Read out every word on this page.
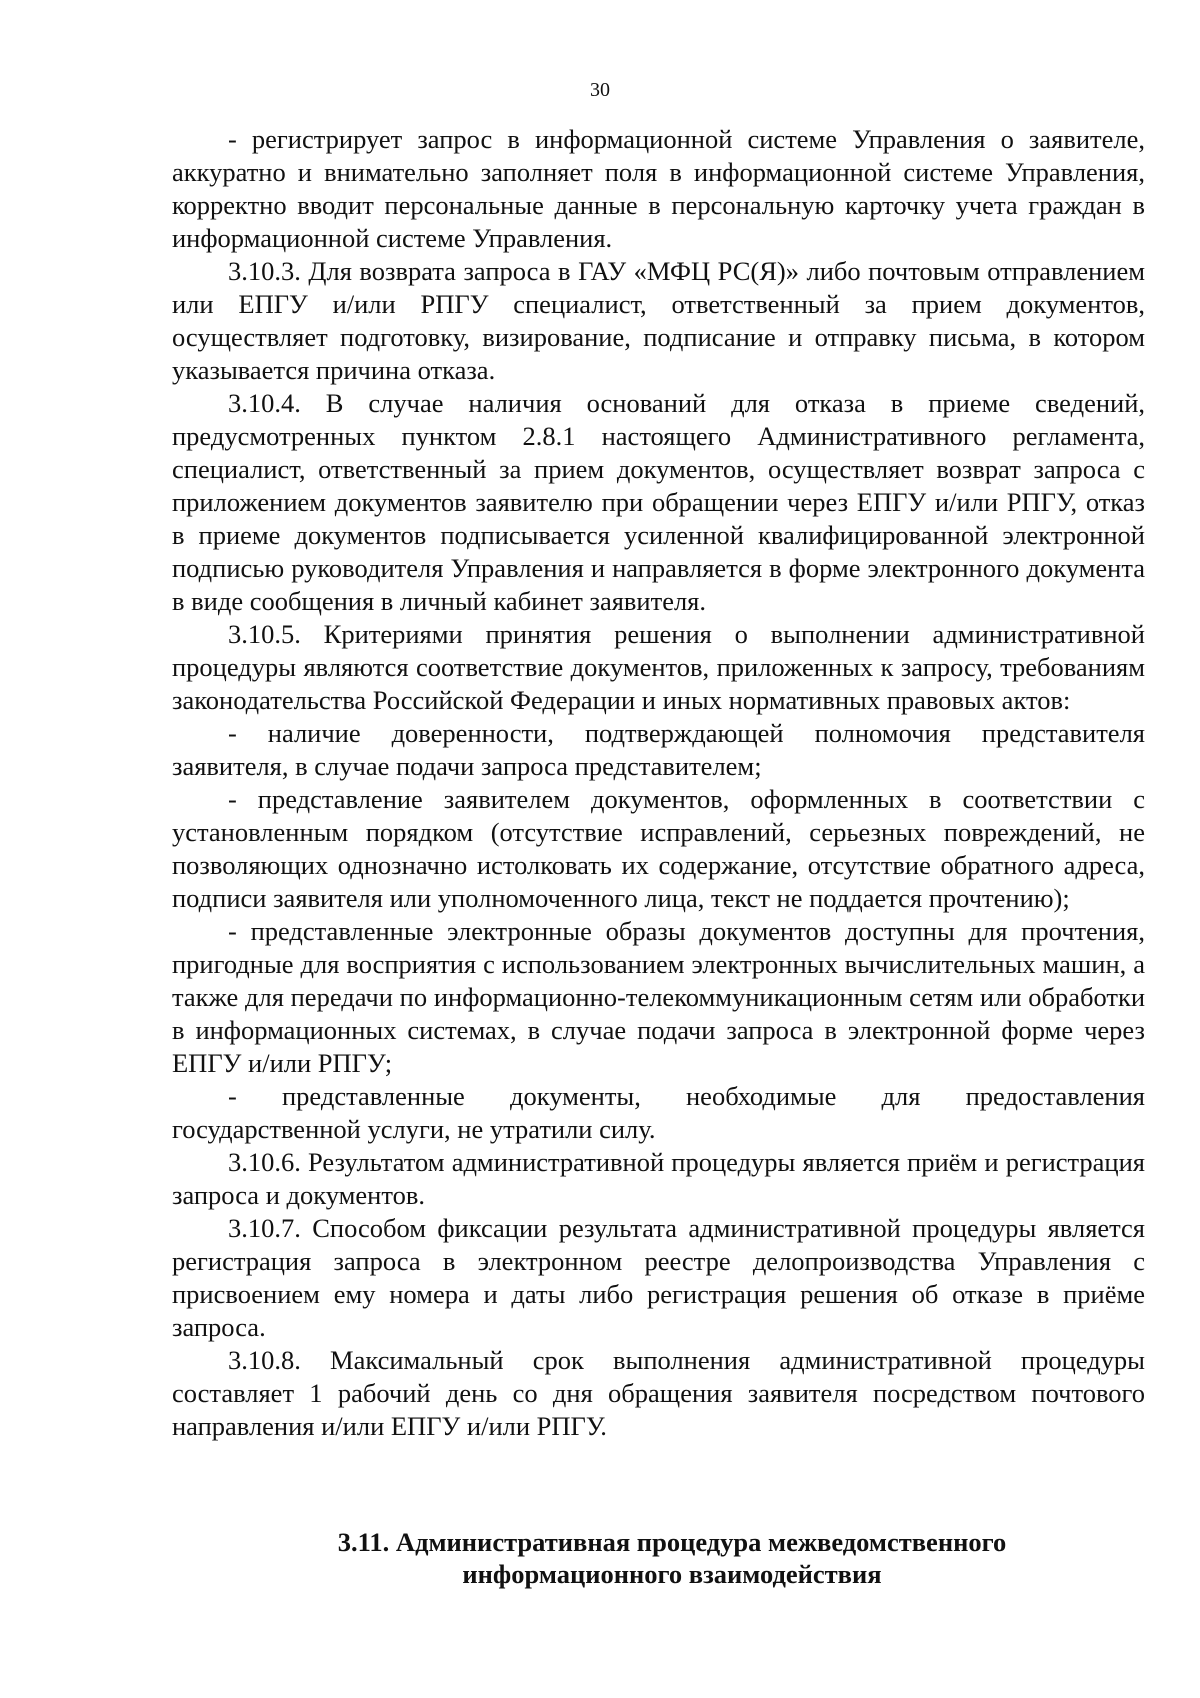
30

- регистрирует запрос в информационной системе Управления о заявителе, аккуратно и внимательно заполняет поля в информационной системе Управления, корректно вводит персональные данные в персональную карточку учета граждан в информационной системе Управления.

3.10.3. Для возврата запроса в ГАУ «МФЦ РС(Я)» либо почтовым отправлением или ЕПГУ и/или РПГУ специалист, ответственный за прием документов, осуществляет подготовку, визирование, подписание и отправку письма, в котором указывается причина отказа.

3.10.4. В случае наличия оснований для отказа в приеме сведений, предусмотренных пунктом 2.8.1 настоящего Административного регламента, специалист, ответственный за прием документов, осуществляет возврат запроса с приложением документов заявителю при обращении через ЕПГУ и/или РПГУ, отказ в приеме документов подписывается усиленной квалифицированной электронной подписью руководителя Управления и направляется в форме электронного документа в виде сообщения в личный кабинет заявителя.

3.10.5. Критериями принятия решения о выполнении административной процедуры являются соответствие документов, приложенных к запросу, требованиям законодательства Российской Федерации и иных нормативных правовых актов:

- наличие доверенности, подтверждающей полномочия представителя заявителя, в случае подачи запроса представителем;

- представление заявителем документов, оформленных в соответствии с установленным порядком (отсутствие исправлений, серьезных повреждений, не позволяющих однозначно истолковать их содержание, отсутствие обратного адреса, подписи заявителя или уполномоченного лица, текст не поддается прочтению);

- представленные электронные образы документов доступны для прочтения, пригодные для восприятия с использованием электронных вычислительных машин, а также для передачи по информационно-телекоммуникационным сетям или обработки в информационных системах, в случае подачи запроса в электронной форме через ЕПГУ и/или РПГУ;

- представленные документы, необходимые для предоставления государственной услуги, не утратили силу.

3.10.6. Результатом административной процедуры является приём и регистрация запроса и документов.

3.10.7. Способом фиксации результата административной процедуры является регистрация запроса в электронном реестре делопроизводства Управления с присвоением ему номера и даты либо регистрация решения об отказе в приёме запроса.

3.10.8. Максимальный срок выполнения административной процедуры составляет 1 рабочий день со дня обращения заявителя посредством почтового направления и/или ЕПГУ и/или РПГУ.

3.11. Административная процедура межведомственного
информационного взаимодействия
